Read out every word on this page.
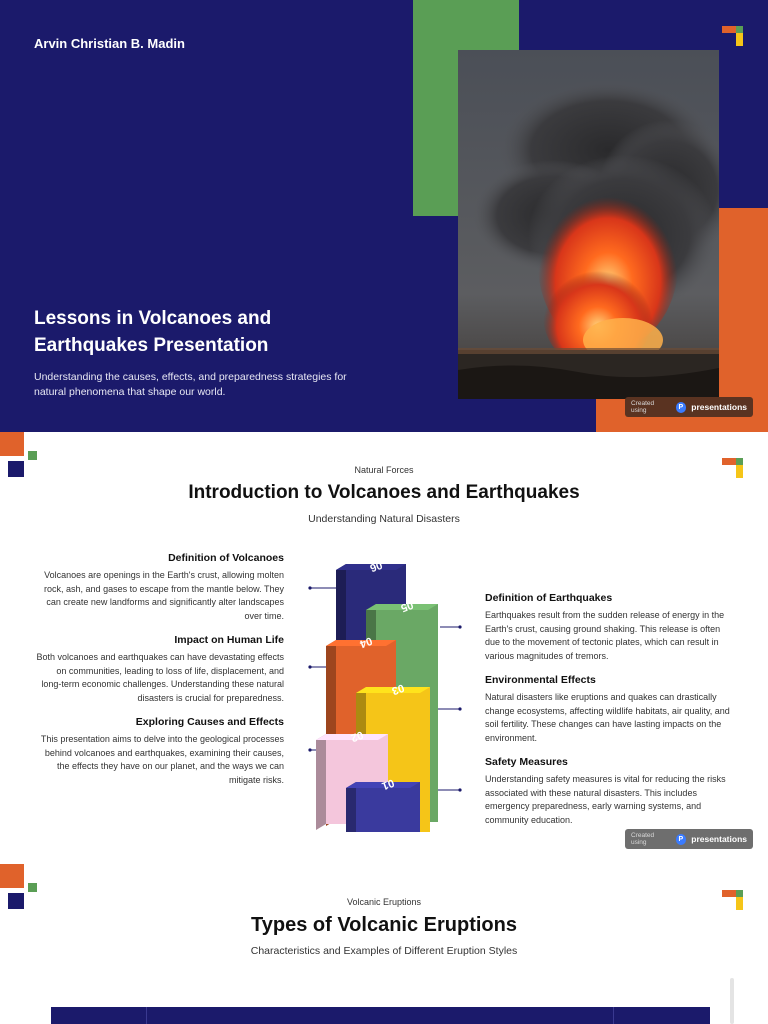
Arvin Christian B. Madin
Lessons in Volcanoes and
Earthquakes Presentation

Understanding the causes, effects, and preparedness strategies for natural phenomena that shape our world.

Created using	P presentations
Natural Forces
Introduction to Volcanoes and Earthquakes
Understanding Natural Disasters
Definition of Volcanoes

Volcanoes are openings in the Earth's crust, allowing molten rock, ash, and gases to escape from the mantle below. They can create new landforms and significantly alter landscapes over time.

Impact on Human Life

Both volcanoes and earthquakes can have devastating effects on communities, leading to loss of life, displacement, and long-term economic challenges. Understanding these natural disasters is crucial for preparedness.

Exploring Causes and Effects

This presentation aims to delve into the geological processes behind volcanoes and earthquakes, examining their causes, the effects they have on our planet, and the ways we can mitigate risks.

Definition of Earthquakes

Earthquakes result from the sudden release of energy in the Earth's crust, causing ground shaking. This release is often due to the movement of tectonic plates, which can result in various magnitudes of tremors.

Environmental Effects

Natural disasters like eruptions and quakes can drastically change ecosystems, affecting wildlife habitats, air quality, and soil fertility. These changes can have lasting impacts on the environment.

Safety Measures

Understanding safety measures is vital for reducing the risks associated with these natural disasters. This includes emergency preparedness, early warning systems, and community education.

06
05
04
03
02
01
Created using	P presentations
Volcanic Eruptions
Types of Volcanic Eruptions
Characteristics and Examples of Different Eruption Styles
